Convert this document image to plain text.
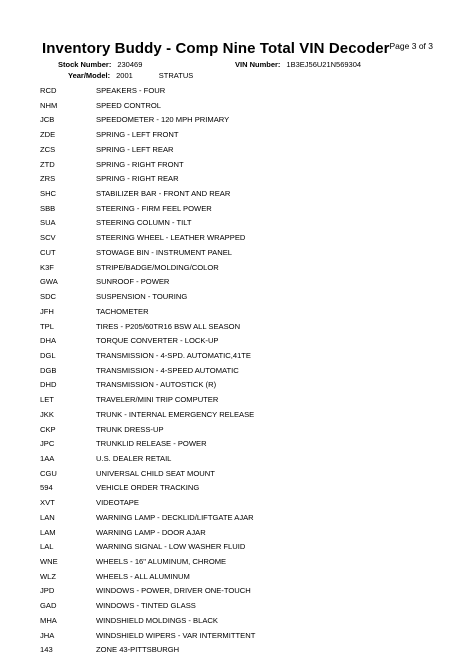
Inventory Buddy - Comp Nine Total VIN Decoder Page 3 of 3
Stock Number: 230469	VIN Number: 1B3EJ56U21N569304
Year/Model: 2001	STRATUS
RCD	SPEAKERS - FOUR
NHM	SPEED CONTROL
JCB	SPEEDOMETER - 120 MPH PRIMARY
ZDE	SPRING - LEFT FRONT
ZCS	SPRING - LEFT REAR
ZTD	SPRING - RIGHT FRONT
ZRS	SPRING - RIGHT REAR
SHC	STABILIZER BAR - FRONT AND REAR
SBB	STEERING - FIRM FEEL POWER
SUA	STEERING COLUMN - TILT
SCV	STEERING WHEEL - LEATHER WRAPPED
CUT	STOWAGE BIN - INSTRUMENT PANEL
K3F	STRIPE/BADGE/MOLDING/COLOR
GWA	SUNROOF - POWER
SDC	SUSPENSION - TOURING
JFH	TACHOMETER
TPL	TIRES - P205/60TR16 BSW ALL SEASON
DHA	TORQUE CONVERTER - LOCK-UP
DGL	TRANSMISSION - 4-SPD. AUTOMATIC,41TE
DGB	TRANSMISSION - 4-SPEED AUTOMATIC
DHD	TRANSMISSION - AUTOSTICK (R)
LET	TRAVELER/MINI TRIP COMPUTER
JKK	TRUNK - INTERNAL EMERGENCY RELEASE
CKP	TRUNK DRESS-UP
JPC	TRUNKLID RELEASE - POWER
1AA	U.S. DEALER RETAIL
CGU	UNIVERSAL CHILD SEAT MOUNT
594	VEHICLE ORDER TRACKING
XVT	VIDEOTAPE
LAN	WARNING LAMP - DECKLID/LIFTGATE AJAR
LAM	WARNING LAMP - DOOR AJAR
LAL	WARNING SIGNAL - LOW WASHER FLUID
WNE	WHEELS - 16" ALUMINUM, CHROME
WLZ	WHEELS - ALL ALUMINUM
JPD	WINDOWS - POWER, DRIVER ONE-TOUCH
GAD	WINDOWS - TINTED GLASS
MHA	WINDSHIELD MOLDINGS - BLACK
JHA	WINDSHIELD WIPERS - VAR INTERMITTENT
143	ZONE 43-PITTSBURGH
